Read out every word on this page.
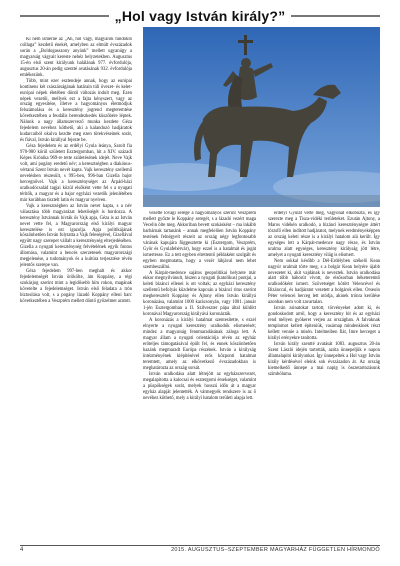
„Hol vagy István király?”

Ki nem ismerné az „Ah, hol vagy, magyarok tündöklő csillaga” kezdetű énekét, amelyben az elmúlt évszázadok során a „Boldogasszony anyánk” mellett ugyanúgy a magyarság vágyait kereste nehéz helyzetekben. Augusztus 15-én első szent királyunk halálának 977. évfordulója, augusztus 20-án pedig szentté avatásának 932. évfordulója emlékezünk.

Több, mint ezer esztendeje annak, hogy az európai kontinens két császárságának határain túli övezet- és kelet-európai népek életében döntő változás indult meg. Ezen népek vezetői, mellyek ezt a fajta kényszert, vagy az ország egyesítése, illetve a hagyományos életmódjuk felszámolása és a keresztény jogrend megteremtése következtében a feudális berendezkedés küszöbére léptek. Nálunk a nagy államszervező munka kezdete Géza fejedelem nevéhez köthető, aki a kalandozó hadjáratok kudarcaiból okulva kezdte meg ezen törekvéseinek sorát, és fiával, István királlyal fejezte be.

Géza fejedelem és az erdélyi Gyula leánya, Sarolt fia 970-980 körül született Esztergomban, hit a XIV. századi Képes Krónika 969-re tette születésének idejét. Neve Vajk volt, ami pogány eredetű név; a keresztségben a diakónus-vértanú Szent István nevét kapta. Vajk keresztény szellemű nevelésben részesült, s 995-ben, 996-ban Gizella bajor hercegnővel. Vajk a kereszténységet az Árpád-házi uralkodócsalád tagjai közül elsőként vette fel s a nyugati térítők, a magyar és a bajor egyházi vezetők jelenlétében már korábban tisztelt latin és magyar nyelven.

Vajk a keresztségben az István nevet kapta, s a név választása több magyarázat lehetőségét is hordozza. A keresztény Istvánnak hívták ős Vajk apja, Géza is az István nevet vette fel, a Magyarország első királyi magyar keresztelése is ezt igazolja. Apja politikájának köszönhetően István folytatta a Vajk feleségével, Gizellával együtt nagy szerepet vállalt a kereszténység elterjedésében. Gizella a nyugati kereszténység felvételének egyik fontos állomása, valamint a bencés szerzetesek magyarországi megjelenése, a tudományok és a kultúra terjesztése révén jelentős szerepe van.

Géza fejedelem 997-ben meghalt és akkor fejedelemségét István örökölte, ám Koppány, a régi szokásjog szerint mint a legidősebb hím rokon, magának követelte a fejedelemséget. István első feladata a trón biztosítása volt, s a pogány lázadó Koppány elleni harc következtében a Veszprém mellett döntő győzelmet aratott.

vezette lovagi serege a hagyományos szerint Veszprém mellett győzte le Koppány seregét, s a lázadó vezért maga Vecelin ölte meg. Akkoriban bevett szokásként – ma inkább barbárnak tartanánk – annak megfelelően István Koppány testének felnégyelt részeit az ország négy legfontosabb várának kapujára függesztette ki (Esztergom, Veszprém, Győr és Gyulafehérvár), hogy ezzel is a hatalmát és jogát ismertesse. Ez a tett egyben elrettentő példaként szolgált és egyben megmutatta, hogy a vezér lábjával nem lehet szembeszállni.

A Kárpát-medence sajátos geopolitikai helyzete már ekkor megnyilvánult, hiszen a nyugati (katolikus) pontjai, a keleti bizánci ellenei is ott voltak; az egyházi keresztény szellemű befolyás küzdelme kapcsán a bizánci ritus szerint megkeresztelt Koppány és Ajtony ellen István királlyá koronázása, valamint 1000 karácsonyán, vagy 1001. január 1-jén Esztergomban a II. Szilveszter pápa által küldött koronával Magyarország királyává koronázták.

A koronázás a királyi hatalmat szentesítette, s ezzel elnyerte a nyugati keresztény uralkodók elismerését; mindez a magyarság fennmaradásának záloga lett. A magyar állam a nyugati orientációja révén az egyház erőteljes támogatásával épült fel, és ennek köszönhetően hazánk megmaradt Európa részének. István a királyság intézményének kiépítésével erős központi hatalmat teremtett, amely az elkövetkező évszázadokban is meghatározta az ország sorsát.

István uralkodása alatt létrejött az egyházszervezet, megalapította a kalocsai és esztergomi érsekséget, valamint a püspökségek sorát, melyek hosszú időn át a magyar egyház alapját jelentették. A vármegyék rendszere is az ő nevéhez köthető, mely a királyi hatalom területi alapja lett.

erdélyi Gyulát verte meg, vagyonát elkobozta, és így szerezte meg a Tisza-vidéki területeket. Ezután Ajtony, a Maros vidékén uralkodó, a bizánci kereszténységre áttért törzsfő ellen indított hadjáratot, melynek eredményeképpen az ország keleti része is a királyi hatalom alá került. Így egységes lett a Kárpát-medence nagy része, és István uralma alatt egységes, keresztény királyság jött létre, amelyet a nyugati keresztény világ is elismert.

Nem sokkal később a Dél-Erdélyben székelő Kean nagyúr uralmát törte meg, s a bolgár Kean helyére újabb nevezetet ki, akit vajdának is neveztek. István uralkodása alatt több háborút vívott, de elsősorban béketeremtő uralkodóként ismert. Szövetséget kötött Velencével és Bizánccal, és hadjáratot vezetett a bolgárok ellen. Orseolo Péter velencei herceg lett utódja, akinek trónra kerülése azonban nem volt zavartalan.

István zsinatokat tartott, törvényeket adott ki, és gondoskodott arról, hogy a keresztény hit és az egyházi rend mélyen gyökeret verjen az országban. A falvaknak templomot kellett építeniük, vasárnap mindenkinek részt kellett vennie a misén. Intelmeiben fiát, Imre herceget a királyi erényekre tanította.

István király szentté avatását 1083. augusztus 20-án Szent László idején tartották, azóta ünnepeljük e napon államalapító királyunkat. Így ünnepeltek a Hol vagy István király kérdésével eleink sok évszázadon át. Az ország kiemelkedő ünnepe a mai napig is összetartozásunk szimbóluma.

4	2015. AUGUSZTUS–SZEPTEMBER MAGYARHÁZ FÜGGETLEN HÍRMONDÓ
